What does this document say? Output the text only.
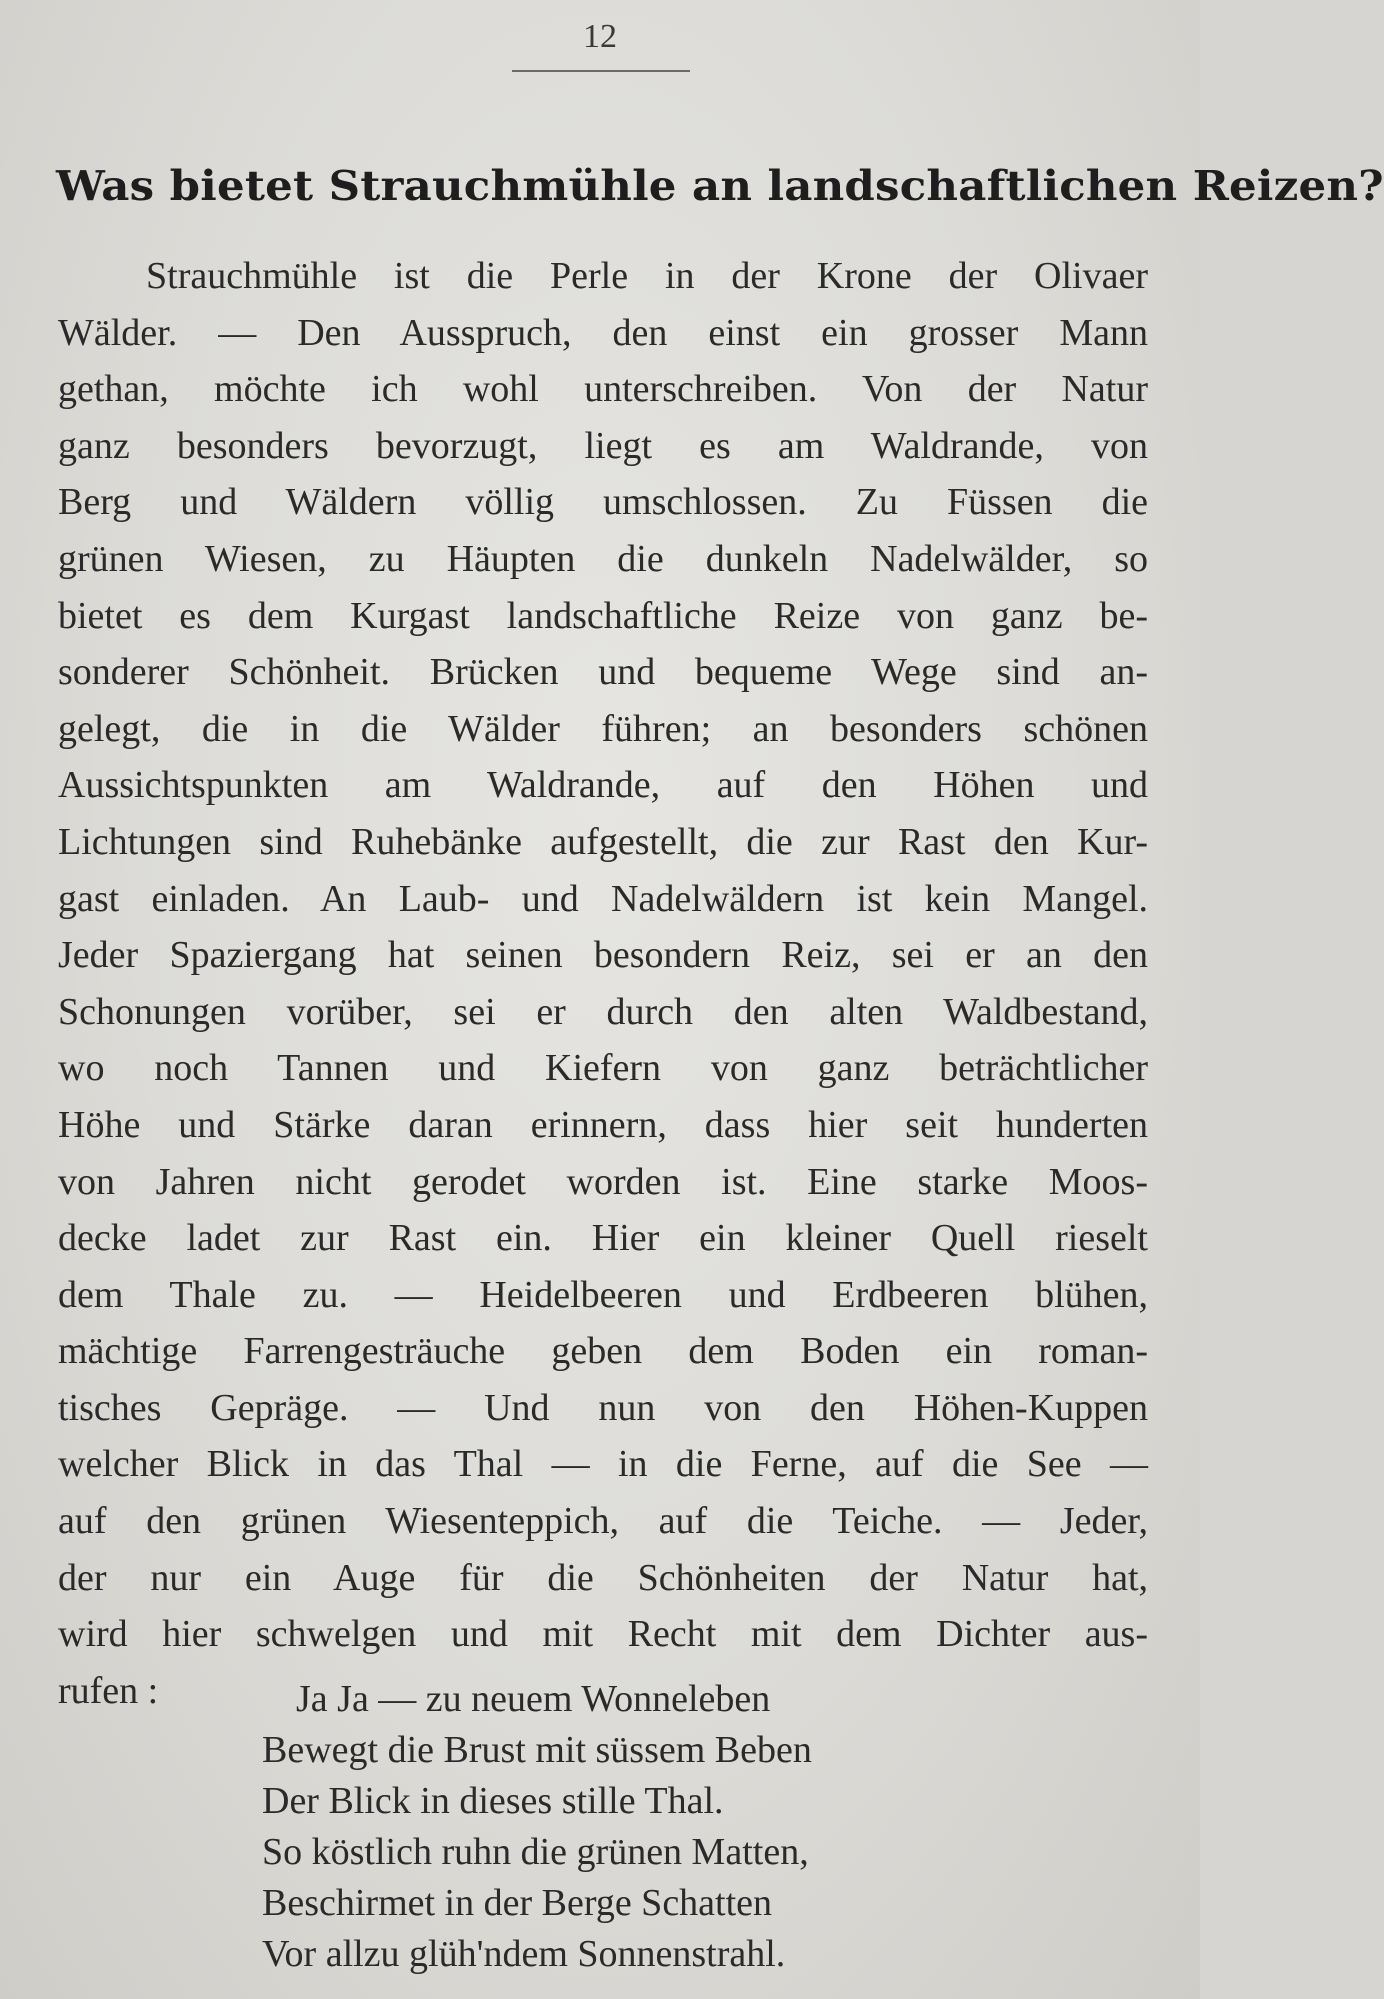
12
Was bietet Strauchmühle an landschaftlichen Reizen?
Strauchmühle ist die Perle in der Krone der Olivaer
Wälder. — Den Ausspruch, den einst ein grosser Mann
gethan, möchte ich wohl unterschreiben. Von der Natur
ganz besonders bevorzugt, liegt es am Waldrande, von
Berg und Wäldern völlig umschlossen. Zu Füssen die
grünen Wiesen, zu Häupten die dunkeln Nadelwälder, so
bietet es dem Kurgast landschaftliche Reize von ganz be-
sonderer Schönheit. Brücken und bequeme Wege sind an-
gelegt, die in die Wälder führen; an besonders schönen
Aussichtspunkten am Waldrande, auf den Höhen und
Lichtungen sind Ruhebänke aufgestellt, die zur Rast den Kur-
gast einladen. An Laub- und Nadelwäldern ist kein Mangel.
Jeder Spaziergang hat seinen besondern Reiz, sei er an den
Schonungen vorüber, sei er durch den alten Waldbestand,
wo noch Tannen und Kiefern von ganz beträchtlicher
Höhe und Stärke daran erinnern, dass hier seit hunderten
von Jahren nicht gerodet worden ist. Eine starke Moos-
decke ladet zur Rast ein. Hier ein kleiner Quell rieselt
dem Thale zu. — Heidelbeeren und Erdbeeren blühen,
mächtige Farrengesträuche geben dem Boden ein roman-
tisches Gepräge. — Und nun von den Höhen-Kuppen
welcher Blick in das Thal — in die Ferne, auf die See —
auf den grünen Wiesenteppich, auf die Teiche. — Jeder,
der nur ein Auge für die Schönheiten der Natur hat,
wird hier schwelgen und mit Recht mit dem Dichter aus-
rufen :	Ja Ja — zu neuem Wonneleben
Bewegt die Brust mit süssem Beben
Der Blick in dieses stille Thal.
So köstlich ruhn die grünen Matten,
Beschirmet in der Berge Schatten
Vor allzu glüh'ndem Sonnenstrahl.
